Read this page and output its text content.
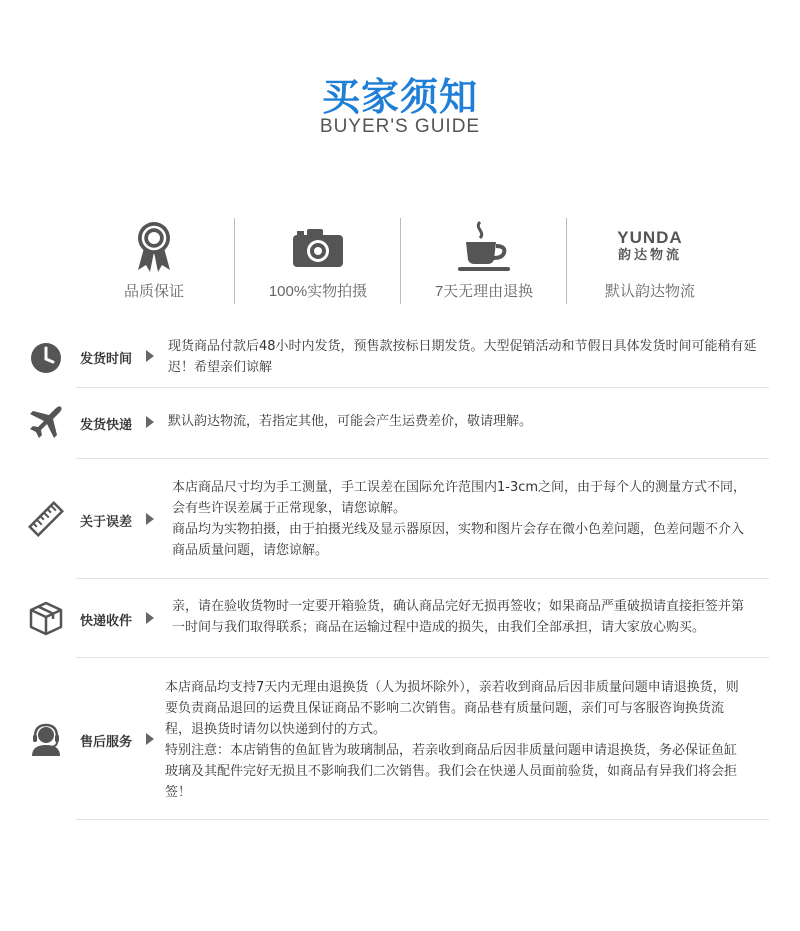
买家须知
BUYER'S GUIDE
品质保证	100%实物拍摄	7天无理由退换
YUNDA
韵达物流
默认韵达物流
发货时间

现货商品付款后48小时内发货，预售款按标日期发货。大型促销活动和节假日具体发货时间可能稍有延迟！希望亲们谅解

发货快递	默认韵达物流，若指定其他，可能会产生运费差价，敬请理解。

关于误差

本店商品尺寸均为手工测量，手工误差在国际允许范围内1-3cm之间，由于每个人的测量方式不同，会有些许误差属于正常现象，请您谅解。

商品均为实物拍摄，由于拍摄光线及显示器原因，实物和图片会存在微小色差问题，色差问题不介入商品质量问题，请您谅解。

快递收件

亲，请在验收货物时一定要开箱验货，确认商品完好无损再签收；如果商品严重破损请直接拒签并第一时间与我们取得联系；商品在运输过程中造成的损失，由我们全部承担，请大家放心购买。

售后服务

本店商品均支持7天内无理由退换货（人为损坏除外），亲若收到商品后因非质量问题申请退换货，则要负责商品退回的运费且保证商品不影响二次销售。商品巷有质量问题，亲们可与客服咨询换货流程，退换货时请勿以快递到付的方式。

特别注意：本店销售的鱼缸皆为玻璃制品，若亲收到商品后因非质量问题申请退换货，务必保证鱼缸玻璃及其配件完好无损且不影响我们二次销售。我们会在快递人员面前验货，如商品有异我们将会拒签！
